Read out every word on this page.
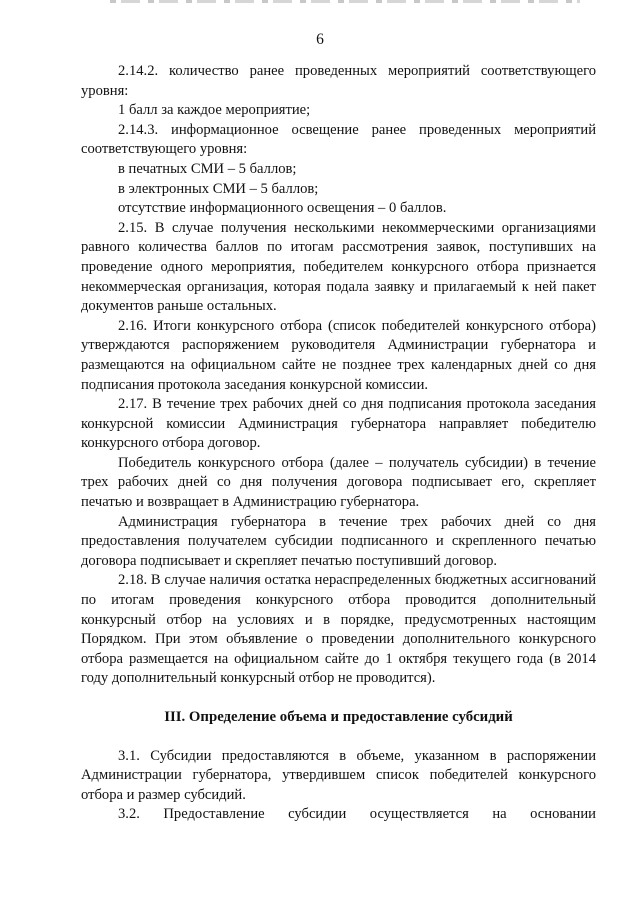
6

2.14.2. количество ранее проведенных мероприятий соответствующего уровня:

1 балл за каждое мероприятие;

2.14.3. информационное освещение ранее проведенных мероприятий соответствующего уровня:

в печатных СМИ – 5 баллов;

в электронных СМИ – 5 баллов;

отсутствие информационного освещения – 0 баллов.

2.15. В случае получения несколькими некоммерческими организациями равного количества баллов по итогам рассмотрения заявок, поступивших на проведение одного мероприятия, победителем конкурсного отбора признается некоммерческая организация, которая подала заявку и прилагаемый к ней пакет документов раньше остальных.

2.16. Итоги конкурсного отбора (список победителей конкурсного отбора) утверждаются распоряжением руководителя Администрации губернатора и размещаются на официальном сайте не позднее трех календарных дней со дня подписания протокола заседания конкурсной комиссии.

2.17. В течение трех рабочих дней со дня подписания протокола заседания конкурсной комиссии Администрация губернатора направляет победителю конкурсного отбора договор.

Победитель конкурсного отбора (далее – получатель субсидии) в течение трех рабочих дней со дня получения договора подписывает его, скрепляет печатью и возвращает в Администрацию губернатора.

Администрация губернатора в течение трех рабочих дней со дня предоставления получателем субсидии подписанного и скрепленного печатью договора подписывает и скрепляет печатью поступивший договор.

2.18. В случае наличия остатка нераспределенных бюджетных ассигнований по итогам проведения конкурсного отбора проводится дополнительный конкурсный отбор на условиях и в порядке, предусмотренных настоящим Порядком. При этом объявление о проведении дополнительного конкурсного отбора размещается на официальном сайте до 1 октября текущего года (в 2014 году дополнительный конкурсный отбор не проводится).

III. Определение объема и предоставление субсидий

3.1. Субсидии предоставляются в объеме, указанном в распоряжении Администрации губернатора, утвердившем список победителей конкурсного отбора и размер субсидий.

3.2. Предоставление субсидии осуществляется на основании
